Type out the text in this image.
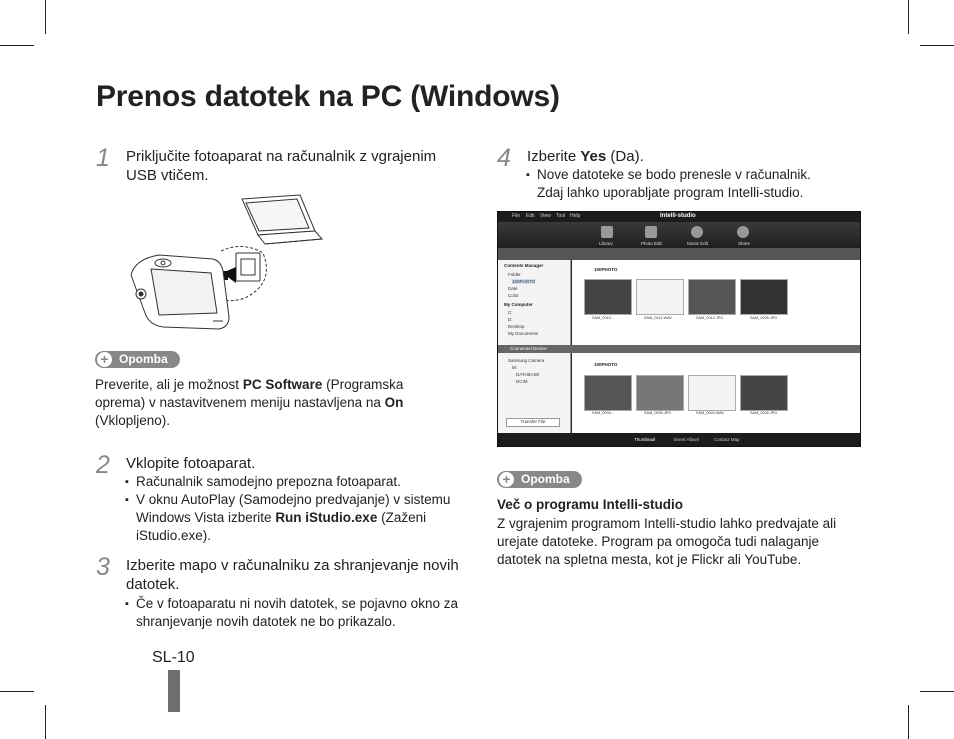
Prenos datotek na PC (Windows)
1 Priključite fotoaparat na računalnik z vgrajenim USB vtičem.
+ Opomba
Preverite, ali je možnost PC Software (Programska oprema) v nastavitvenem meniju nastavljena na On (Vklopljeno).
2 Vklopite fotoaparat.
▪ Računalnik samodejno prepozna fotoaparat.
▪ V oknu AutoPlay (Samodejno predvajanje) v sistemu Windows Vista izberite Run iStudio.exe (Zaženi iStudio.exe).
3 Izberite mapo v računalniku za shranjevanje novih datotek.
▪ Če v fotoaparatu ni novih datotek, se pojavno okno za shranjevanje novih datotek ne bo prikazalo.
SL-10
4 Izberite Yes (Da).
▪ Nove datoteke se bodo prenesle v računalnik. Zdaj lahko uporabljate program Intelli-studio.
File Edit View Tool Help	Intelli-studio
Library	Photo Edit	Movie Edit	Share
Contents Manager
Folder
100PHOTO
Date
Color
My Computer
C:
D:
Desktop
My Documents
100PHOTO
SAM_0010...	SAM_0011.WAV	SAM_0012.JPG	SAM_0026.JPG
Connected Device
Samsung Camera
M:
DATABASE
DCIM
Transfer File
100PHOTO
SAM_0004...	SAM_0005.JPG	SAM_0024.WAV	SAM_0026.JPG
Thumbnail	Event Album	Contact Map
+ Opomba
Več o programu Intelli-studio
Z vgrajenim programom Intelli-studio lahko predvajate ali urejate datoteke. Program pa omogoča tudi nalaganje datotek na spletna mesta, kot je Flickr ali YouTube.
